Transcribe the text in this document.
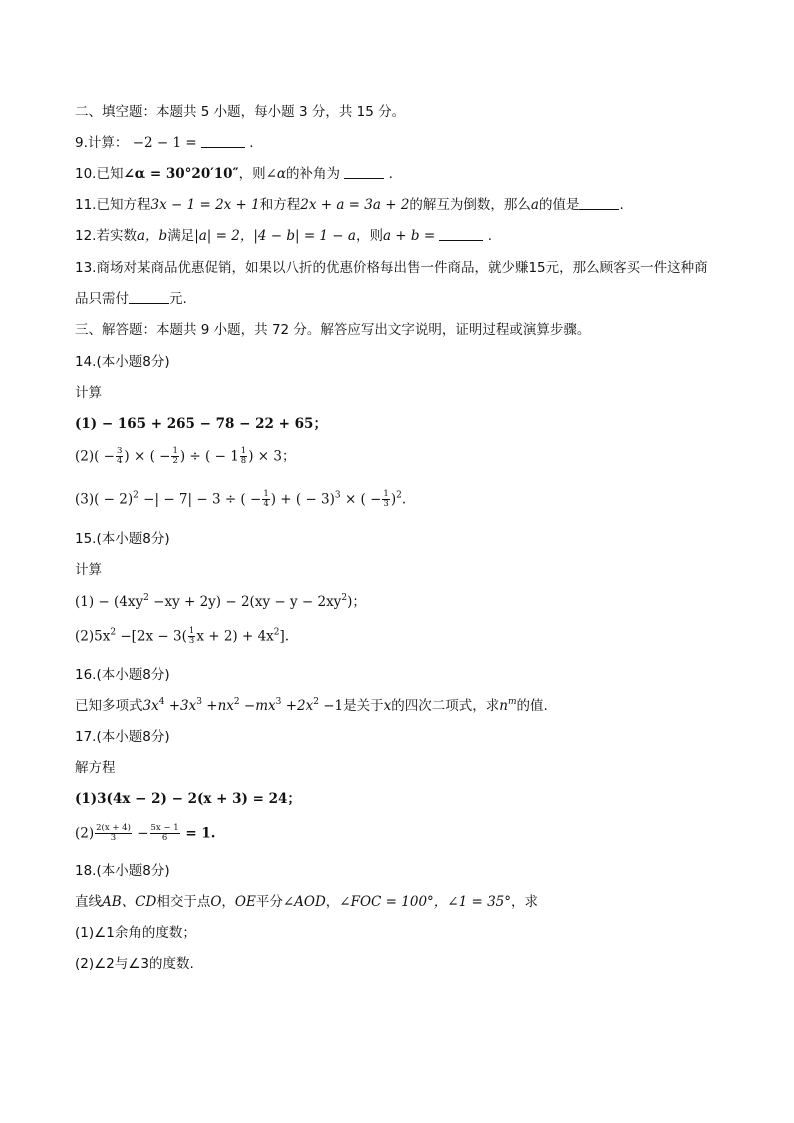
二、填空题：本题共 5 小题，每小题 3 分，共 15 分。
9.计算： −2 − 1 =	.
10.已知∠α = 30°20′10″，则∠α的补角为	.
11.已知方程3x − 1 = 2x + 1和方程2x + a = 3a + 2的解互为倒数，那么a的值是	.
12.若实数a，b满足|a| = 2，|4 − b| = 1 − a，则a + b =	.
13.商场对某商品优惠促销，如果以八折的优惠价格每出售一件商品，就少赚15元，那么顾客买一件这种商
品只需付	元.
三、解答题：本题共 9 小题，共 72 分。解答应写出文字说明，证明过程或演算步骤。
14.(本小题8分)
计算
(1) − 165 + 265 − 78 − 22 + 65；
$(2)( - \frac{3}{4}$ ) × ( − $\frac{1}{2}$ ) ÷ ( − $1 \frac{1}{8}$ ) × 3；
$(3)( - 2)^2$ −| − 7| − 3 ÷ ( − $\frac{1}{4}$ ) + ( − 3)$^3$ × ( − $\frac{1}{3} )^2$.
15.(本小题8分)
计算
$(1) - (4xy^2 -xy + 2y) - 2(xy - y - 2xy^2)$；
$(2)5x^2 -[2x - 3( \frac{1}{3}$ $x + 2) + 4x^2$].
16.(本小题8分)
已知多项式$3x^4 +3x^3 +nx^2 -mx^3 +2x^2 -1$是关于x的四次二项式，求$n^m$的值.
17.(本小题8分)
解方程
(1)3(4x − 2) − 2(x + 3) = 24；
$(2) \frac{2(x + 4)}{3} - \frac{5x - 1}{6} = 1$.
18.(本小题8分)
直线AB、CD相交于点O，OE平分∠AOD，∠FOC = 100°，∠1 = 35°，求
(1)∠1余角的度数；
(2)∠2与∠3的度数.
